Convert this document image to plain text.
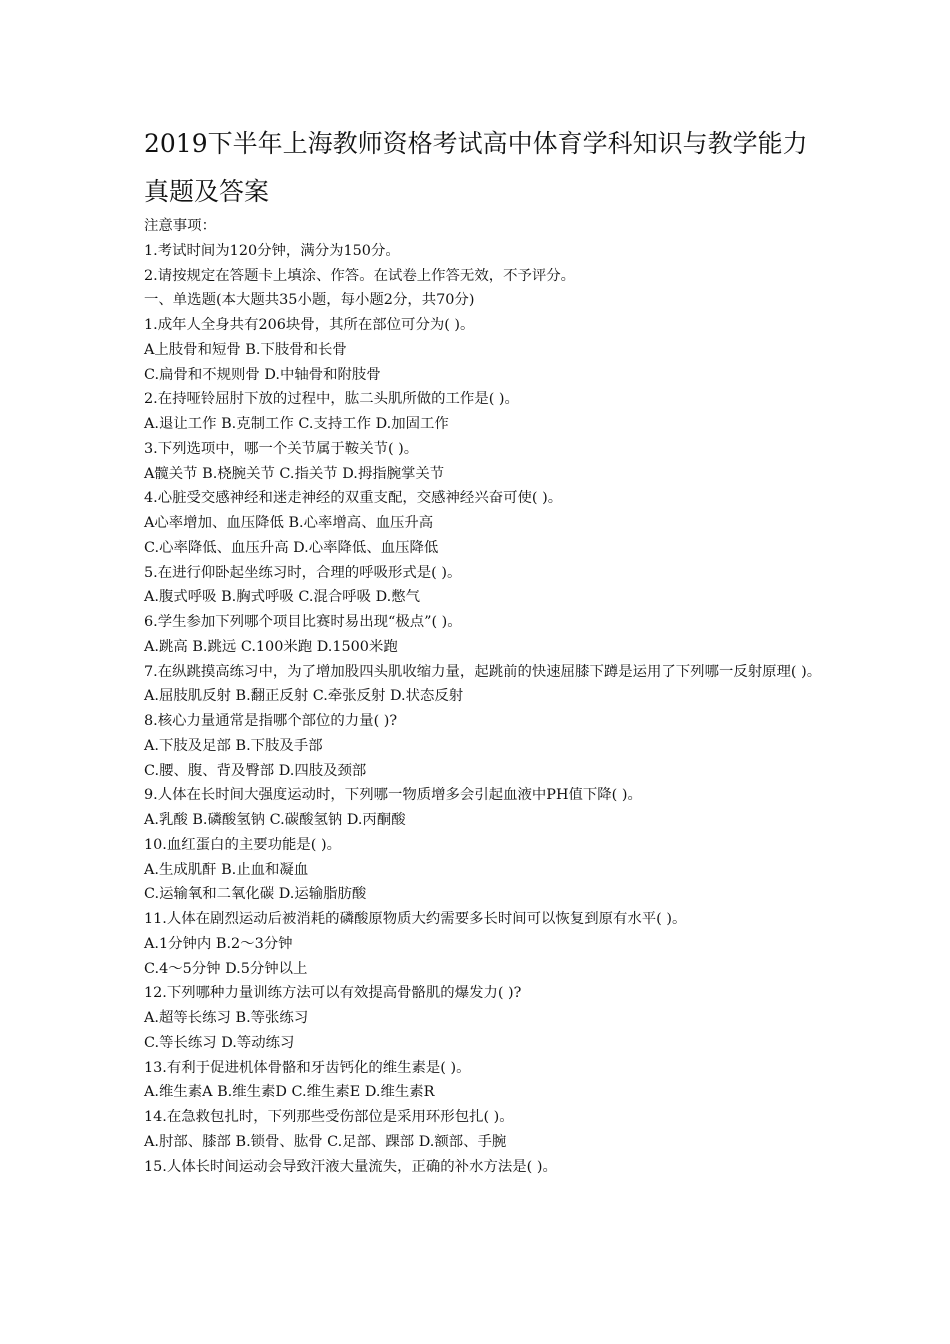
2019下半年上海教师资格考试高中体育学科知识与教学能力真题及答案

注意事项：

1.考试时间为120分钟，满分为150分。

2.请按规定在答题卡上填涂、作答。在试卷上作答无效，不予评分。

一、单选题(本大题共35小题，每小题2分，共70分)

1.成年人全身共有206块骨，其所在部位可分为( )。

A上肢骨和短骨 B.下肢骨和长骨

C.扁骨和不规则骨 D.中轴骨和附肢骨

2.在持哑铃屈肘下放的过程中，肱二头肌所做的工作是( )。

A.退让工作 B.克制工作 C.支持工作 D.加固工作

3.下列选项中，哪一个关节属于鞍关节( )。

A髋关节 B.桡腕关节 C.指关节 D.拇指腕掌关节

4.心脏受交感神经和迷走神经的双重支配，交感神经兴奋可使( )。

A心率增加、血压降低 B.心率增高、血压升高

C.心率降低、血压升高 D.心率降低、血压降低

5.在进行仰卧起坐练习时，合理的呼吸形式是( )。

A.腹式呼吸 B.胸式呼吸 C.混合呼吸 D.憋气

6.学生参加下列哪个项目比赛时易出现“极点”( )。

A.跳高 B.跳远 C.100米跑 D.1500米跑

7.在纵跳摸高练习中，为了增加股四头肌收缩力量，起跳前的快速屈膝下蹲是运用了下列哪一反射原理( )。

A.屈肢肌反射 B.翻正反射 C.牵张反射 D.状态反射

8.核心力量通常是指哪个部位的力量( )?

A.下肢及足部 B.下肢及手部

C.腰、腹、背及臀部 D.四肢及颈部

9.人体在长时间大强度运动时，下列哪一物质增多会引起血液中PH值下降( )。

A.乳酸 B.磷酸氢钠 C.碳酸氢钠 D.丙酮酸

10.血红蛋白的主要功能是( )。

A.生成肌酐 B.止血和凝血

C.运输氧和二氧化碳 D.运输脂肪酸

11.人体在剧烈运动后被消耗的磷酸原物质大约需要多长时间可以恢复到原有水平( )。

A.1分钟内 B.2～3分钟

C.4～5分钟 D.5分钟以上

12.下列哪种力量训练方法可以有效提高骨骼肌的爆发力( )?

A.超等长练习 B.等张练习

C.等长练习 D.等动练习

13.有利于促进机体骨骼和牙齿钙化的维生素是( )。

A.维生素A B.维生素D C.维生素E D.维生素R

14.在急救包扎时，下列那些受伤部位是采用环形包扎( )。

A.肘部、膝部 B.锁骨、肱骨 C.足部、踝部 D.额部、手腕

15.人体长时间运动会导致汗液大量流失，正确的补水方法是( )。
